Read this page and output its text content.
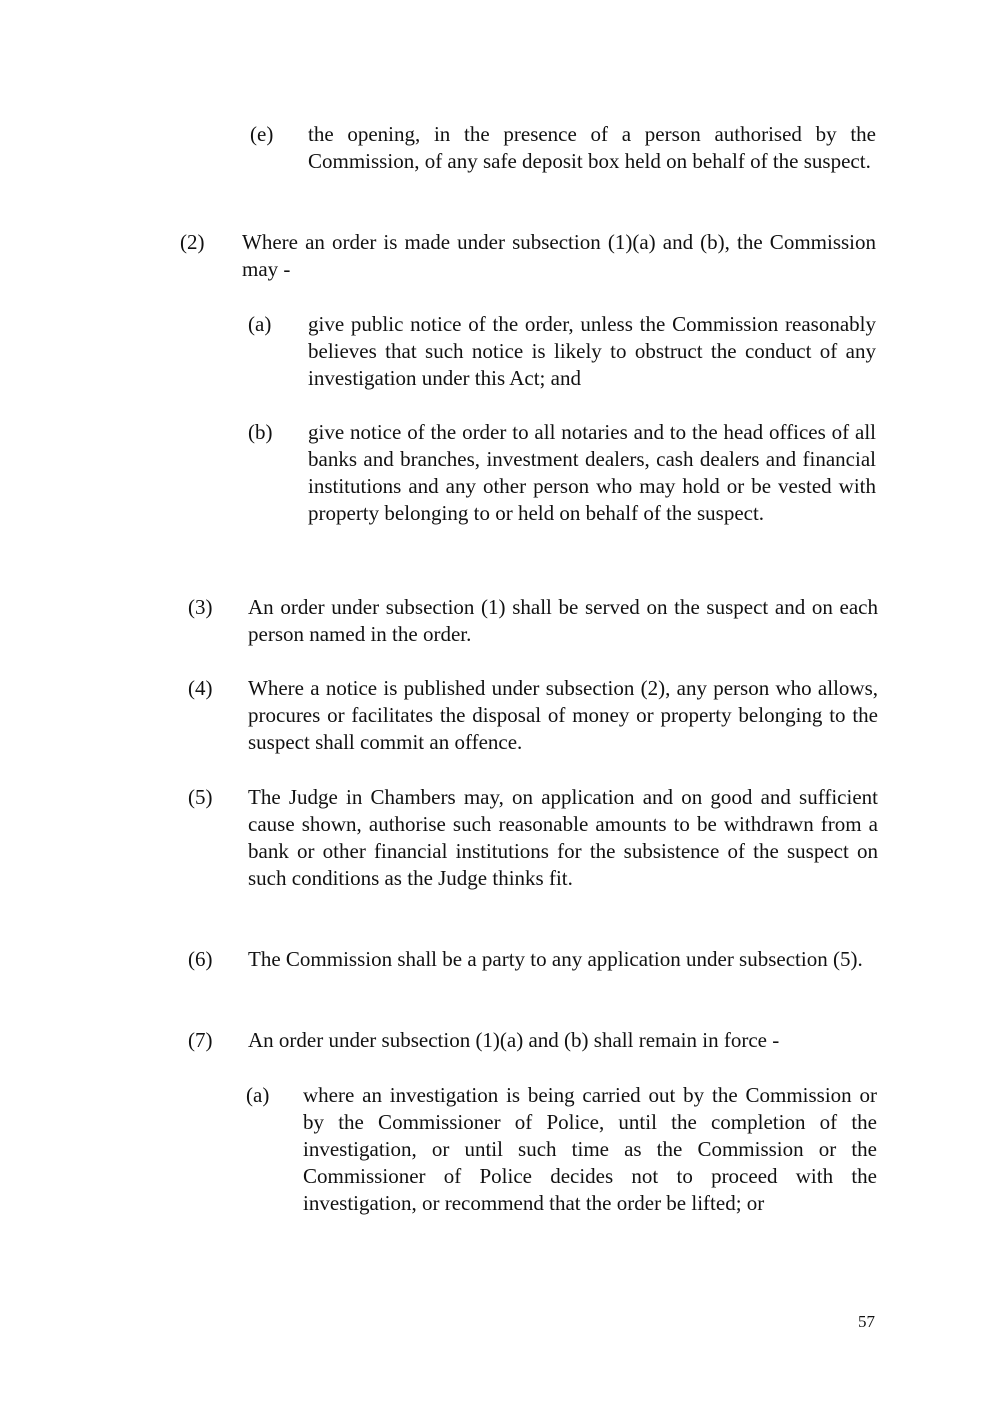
(e) the opening, in the presence of a person authorised by the Commission, of any safe deposit box held on behalf of the suspect.
(2) Where an order is made under subsection (1)(a) and (b), the Commission may -
(a) give public notice of the order, unless the Commission reasonably believes that such notice is likely to obstruct the conduct of any investigation under this Act; and
(b) give notice of the order to all notaries and to the head offices of all banks and branches, investment dealers, cash dealers and financial institutions and any other person who may hold or be vested with property belonging to or held on behalf of the suspect.
(3) An order under subsection (1) shall be served on the suspect and on each person named in the order.
(4) Where a notice is published under subsection (2), any person who allows, procures or facilitates the disposal of money or property belonging to the suspect shall commit an offence.
(5) The Judge in Chambers may, on application and on good and sufficient cause shown, authorise such reasonable amounts to be withdrawn from a bank or other financial institutions for the subsistence of the suspect on such conditions as the Judge thinks fit.
(6) The Commission shall be a party to any application under subsection (5).
(7) An order under subsection (1)(a) and (b) shall remain in force -
(a) where an investigation is being carried out by the Commission or by the Commissioner of Police, until the completion of the investigation, or until such time as the Commission or the Commissioner of Police decides not to proceed with the investigation, or recommend that the order be lifted; or
57
